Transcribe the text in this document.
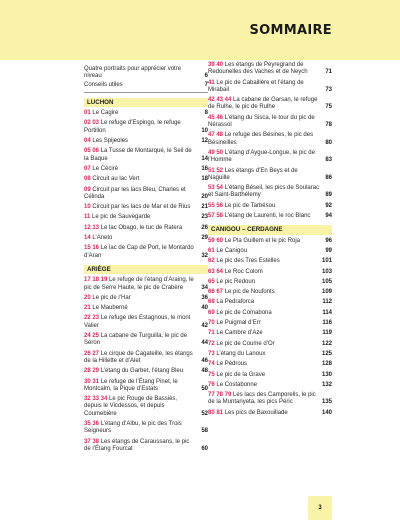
SOMMAIRE
Quatre portraits pour apprécier votre niveau	6
Conseils utiles	7
LUCHON
01 Le Cagire	8
02 03 Le refuge d’Espingo, le refuge Portillon	10
04 Les Spijeoles	12
05 06 La Tusse de Montarqué, le Seil de la Baque	14
07 Le Céciré	16
08 Circuit au lac Vert	18
09 Circuit par les lacs Bleu, Charles et Célinda	20
10 Circuit par les lacs de Mar et de Rius 21
11 Le pic de Sauvegarde	23
12 13 Le lac Obago, le tuc de Ratera	26
14 L’Aneto	29
15 16 Le lac de Cap de Port, le Montardo d’Aran	32
ARIÈGE
17 18 19 Le refuge de l’étang d’Araing, le pic de Serre Haute, le pic de Crabère	34
20 Le pic de l’Har	36
21 Le Mauberné	40
22 23 Le refuge des Estagnous, le mont Valier	42
24 25 La cabane de Turguilla, le pic de Séron	44
26 27 Le cirque de Cagateille, les étangs de la Hillette et d’Alet	46
28 29 L’étang du Garbet, l’étang Bleu	48
30 31 Le refuge de l’Étang Pinet, le Montcalm, la Pique d’Estats	50
32 33 34 Le pic Rouge de Bassiès, depuis le Vicdessos, et depuis Coumebière	52
35 36 L’étang d’Albu, le pic des Trois Seigneurs	58
37 38 Les étangs de Caraussans, le pic de l’Étang Fourcat	60
39 40 Les étangs de Peyregrand de Redounelles des Vaches et de Neych	71
41 Le pic de Cabaillère et l’étang de Mirabail	73
42 43 44 La cabane de Garsan, le refuge de Rulhe, le pic de Rulhe	75
45 46 L’étang du Sisca, le tour du pic de Nérassol	78
47 48 Le refuge des Bésines, le pic des Bésineilles	80
49 50 L’étang d’Aygue-Longue, le pic de l’Homme	83
51 52 Les étangs d’En Beys et de Naguille	86
53 54 L’étang Béseil, les pics de Soularac et Saint-Barthélemy	89
55 56 Le pic de Tarbésou	92
57 58 L’étang de Laurenti, le roc Blanc 94
CANIGOU – CERDAGNE
59 60 Le Pla Guillem et le pic Roja	96
61 Le Canigou	99
62 Le pic des Tres Estelles	101
63 64 Le Roc Colom	103
65 Le pic Redoun	105
66 67 Le pic de Noufonts	109
68 La Pedraforca	112
69 Le pic de Comabona	114
70 Le Puigmal d’Err	116
71 Le Cambre d’Aze	119
72 Le pic de Coume d’Or	122
73 L’étang du Lanoux	125
74 Le Pédrous	128
75 Le pic de la Grave	130
76 Le Costabonne	132
77 78 79 Les lacs des Camporells, le pic de la Muntanyeta, les pics Péric	135
80 81 Les pics de Baxouillade	140
3
